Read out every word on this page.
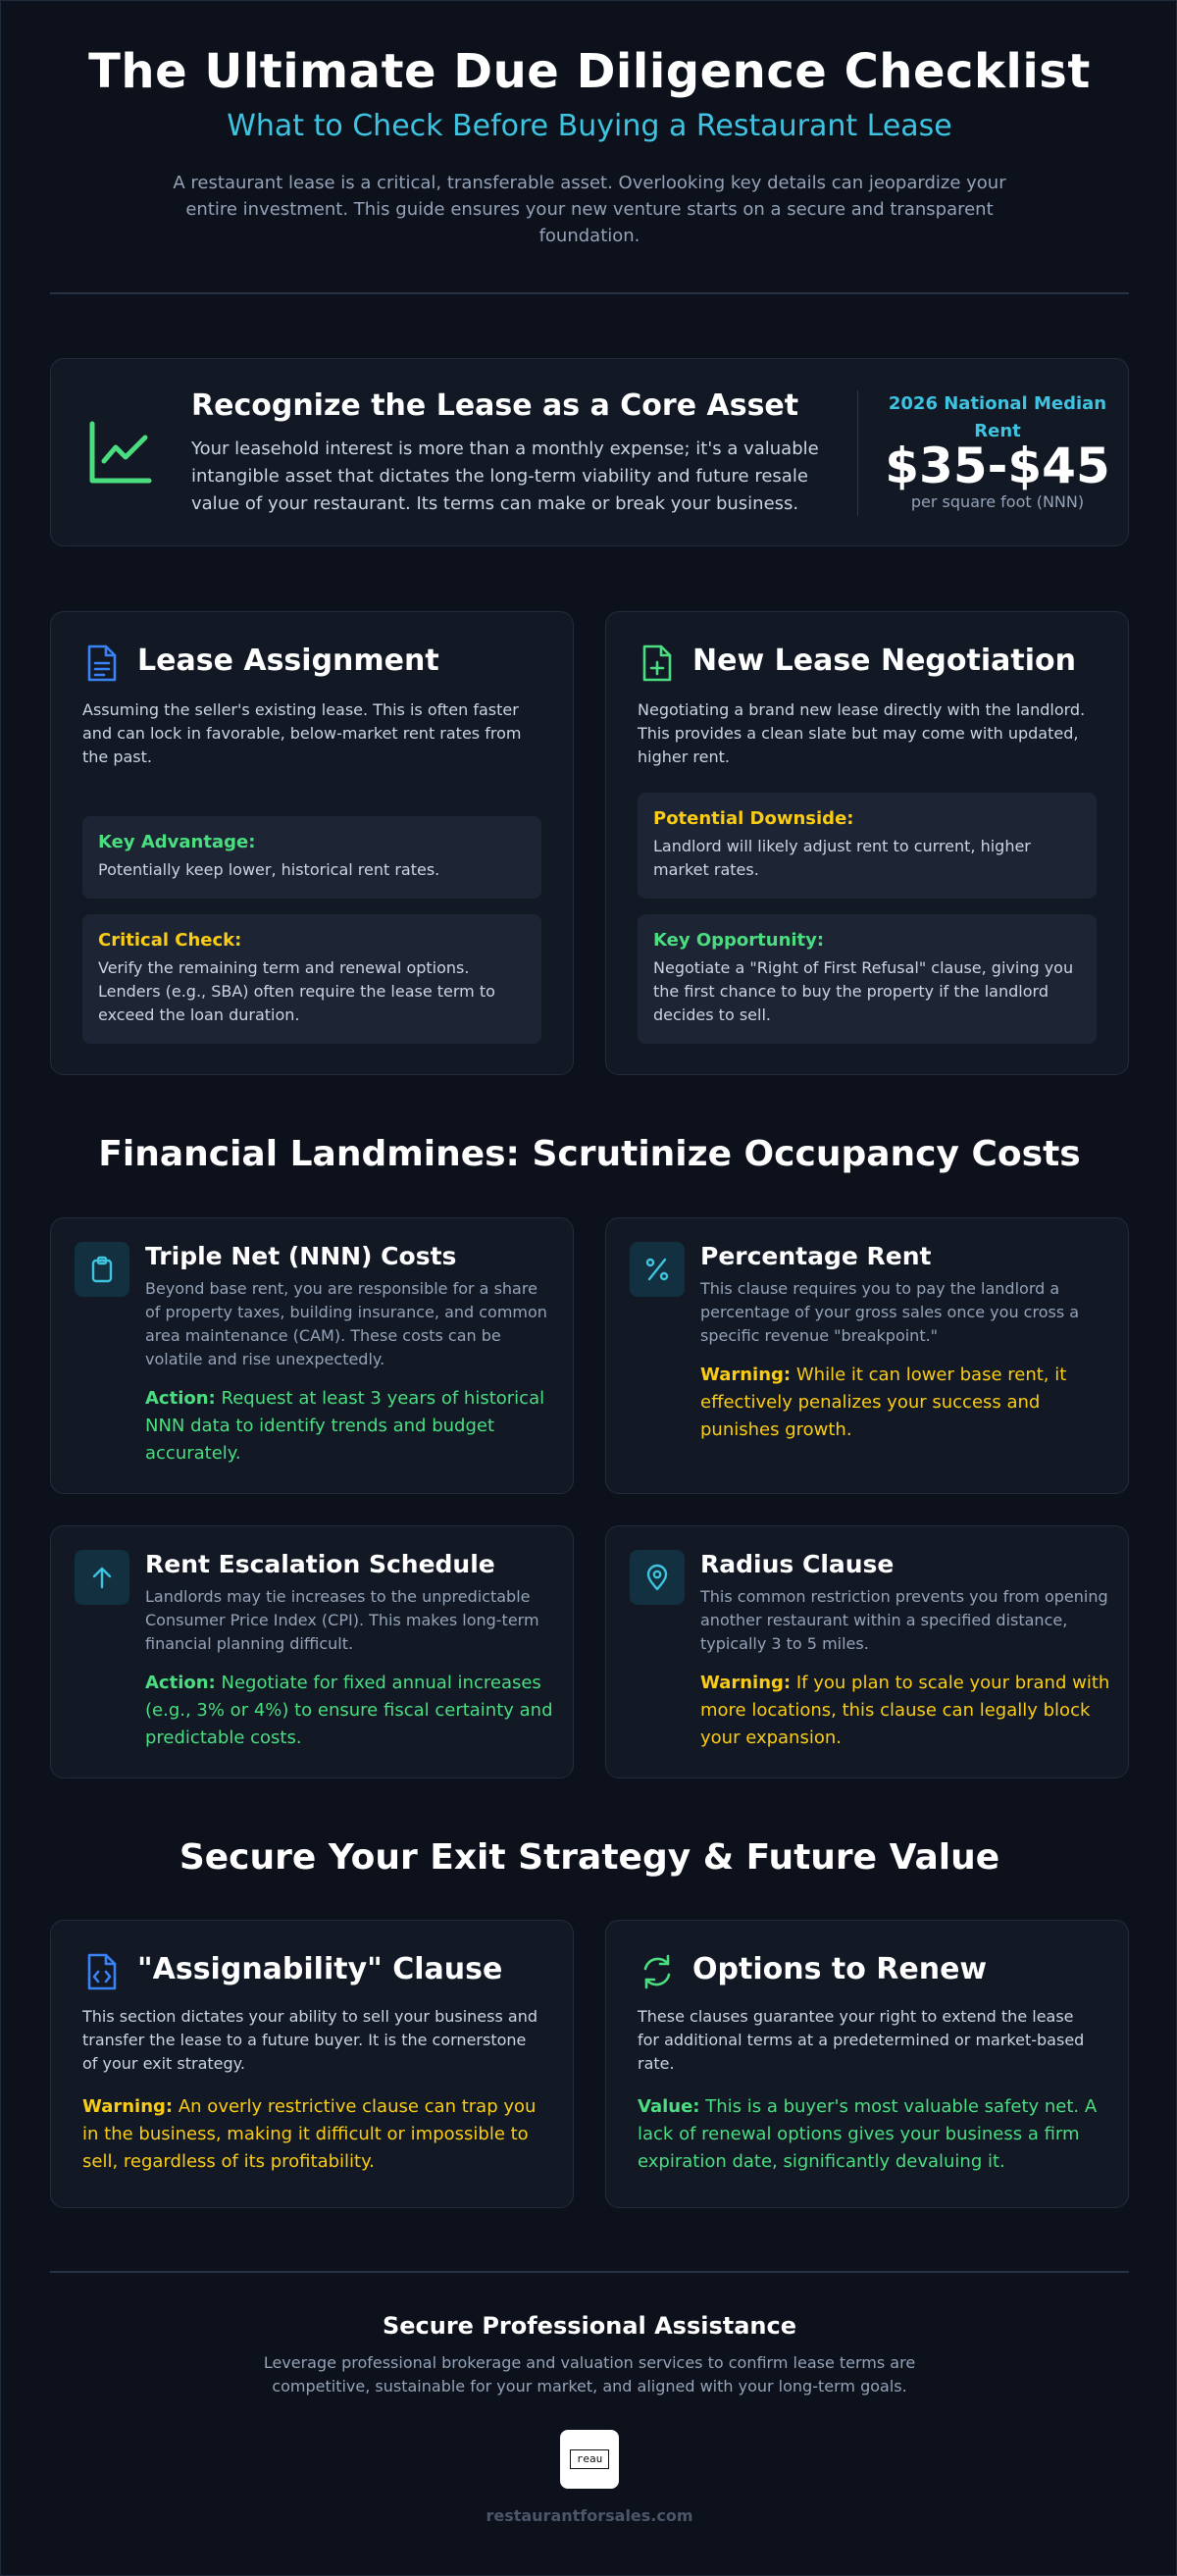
The Ultimate Due Diligence Checklist
What to Check Before Buying a Restaurant Lease
A restaurant lease is a critical, transferable asset. Overlooking key details can jeopardize your entire investment. This guide ensures your new venture starts on a secure and transparent foundation.
Recognize the Lease as a Core Asset
Your leasehold interest is more than a monthly expense; it's a valuable intangible asset that dictates the long-term viability and future resale value of your restaurant. Its terms can make or break your business.
2026 National Median Rent
$35-$45
per square foot (NNN)
Lease Assignment
Assuming the seller's existing lease. This is often faster and can lock in favorable, below-market rent rates from the past.
Key Advantage:
Potentially keep lower, historical rent rates.
Critical Check:
Verify the remaining term and renewal options. Lenders (e.g., SBA) often require the lease term to exceed the loan duration.
New Lease Negotiation
Negotiating a brand new lease directly with the landlord. This provides a clean slate but may come with updated, higher rent.
Potential Downside:
Landlord will likely adjust rent to current, higher market rates.
Key Opportunity:
Negotiate a "Right of First Refusal" clause, giving you the first chance to buy the property if the landlord decides to sell.
Financial Landmines: Scrutinize Occupancy Costs
Triple Net (NNN) Costs
Beyond base rent, you are responsible for a share of property taxes, building insurance, and common area maintenance (CAM). These costs can be volatile and rise unexpectedly.
Action: Request at least 3 years of historical NNN data to identify trends and budget accurately.
Percentage Rent
This clause requires you to pay the landlord a percentage of your gross sales once you cross a specific revenue "breakpoint."
Warning: While it can lower base rent, it effectively penalizes your success and punishes growth.
Rent Escalation Schedule
Landlords may tie increases to the unpredictable Consumer Price Index (CPI). This makes long-term financial planning difficult.
Action: Negotiate for fixed annual increases (e.g., 3% or 4%) to ensure fiscal certainty and predictable costs.
Radius Clause
This common restriction prevents you from opening another restaurant within a specified distance, typically 3 to 5 miles.
Warning: If you plan to scale your brand with more locations, this clause can legally block your expansion.
Secure Your Exit Strategy & Future Value
"Assignability" Clause
This section dictates your ability to sell your business and transfer the lease to a future buyer. It is the cornerstone of your exit strategy.
Warning: An overly restrictive clause can trap you in the business, making it difficult or impossible to sell, regardless of its profitability.
Options to Renew
These clauses guarantee your right to extend the lease for additional terms at a predetermined or market-based rate.
Value: This is a buyer's most valuable safety net. A lack of renewal options gives your business a firm expiration date, significantly devaluing it.
Secure Professional Assistance
Leverage professional brokerage and valuation services to confirm lease terms are competitive, sustainable for your market, and aligned with your long-term goals.
reau
restaurantforsales.com
